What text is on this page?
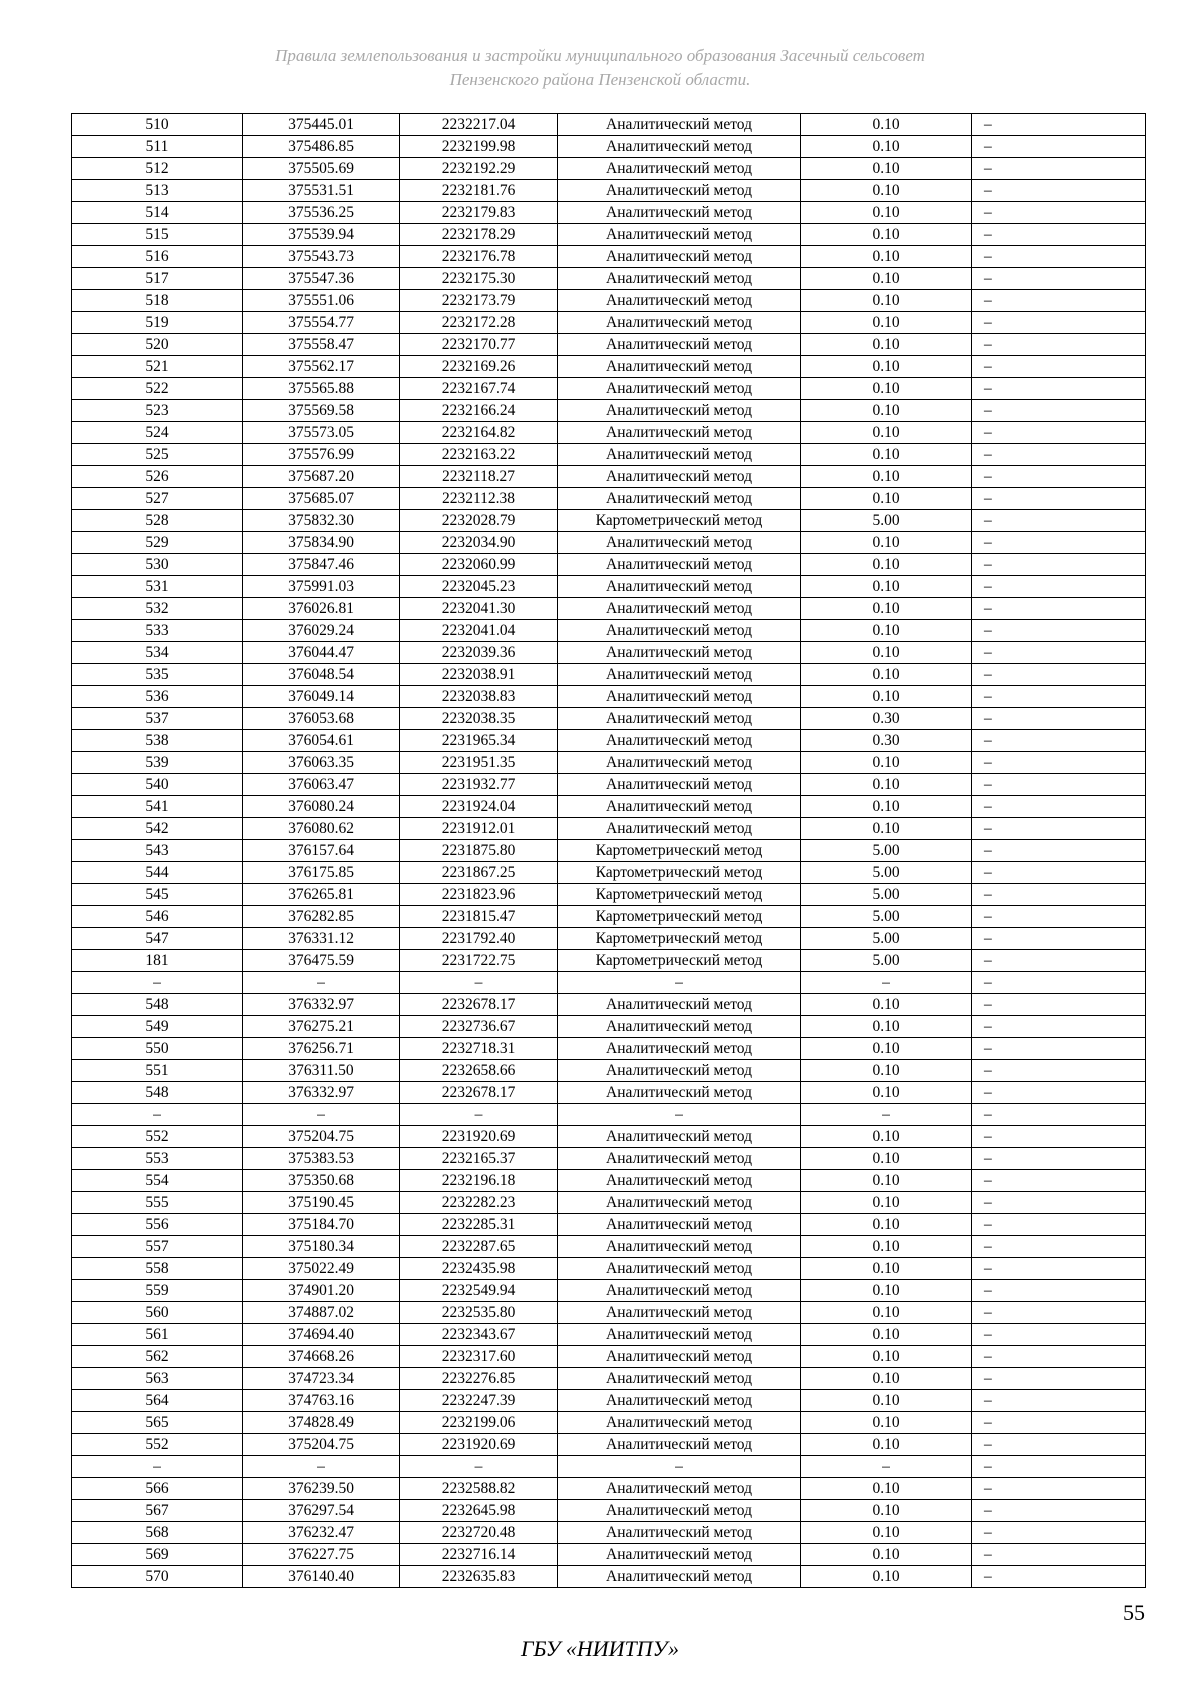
Правила землепользования и застройки муниципального образования Засечный сельсовет
Пензенского района Пензенской области.
510	375445.01	2232217.04	Аналитический метод	0.10	–
511	375486.85	2232199.98	Аналитический метод	0.10	–
512	375505.69	2232192.29	Аналитический метод	0.10	–
513	375531.51	2232181.76	Аналитический метод	0.10	–
514	375536.25	2232179.83	Аналитический метод	0.10	–
515	375539.94	2232178.29	Аналитический метод	0.10	–
516	375543.73	2232176.78	Аналитический метод	0.10	–
517	375547.36	2232175.30	Аналитический метод	0.10	–
518	375551.06	2232173.79	Аналитический метод	0.10	–
519	375554.77	2232172.28	Аналитический метод	0.10	–
520	375558.47	2232170.77	Аналитический метод	0.10	–
521	375562.17	2232169.26	Аналитический метод	0.10	–
522	375565.88	2232167.74	Аналитический метод	0.10	–
523	375569.58	2232166.24	Аналитический метод	0.10	–
524	375573.05	2232164.82	Аналитический метод	0.10	–
525	375576.99	2232163.22	Аналитический метод	0.10	–
526	375687.20	2232118.27	Аналитический метод	0.10	–
527	375685.07	2232112.38	Аналитический метод	0.10	–
528	375832.30	2232028.79	Картометрический метод	5.00	–
529	375834.90	2232034.90	Аналитический метод	0.10	–
530	375847.46	2232060.99	Аналитический метод	0.10	–
531	375991.03	2232045.23	Аналитический метод	0.10	–
532	376026.81	2232041.30	Аналитический метод	0.10	–
533	376029.24	2232041.04	Аналитический метод	0.10	–
534	376044.47	2232039.36	Аналитический метод	0.10	–
535	376048.54	2232038.91	Аналитический метод	0.10	–
536	376049.14	2232038.83	Аналитический метод	0.10	–
537	376053.68	2232038.35	Аналитический метод	0.30	–
538	376054.61	2231965.34	Аналитический метод	0.30	–
539	376063.35	2231951.35	Аналитический метод	0.10	–
540	376063.47	2231932.77	Аналитический метод	0.10	–
541	376080.24	2231924.04	Аналитический метод	0.10	–
542	376080.62	2231912.01	Аналитический метод	0.10	–
543	376157.64	2231875.80	Картометрический метод	5.00	–
544	376175.85	2231867.25	Картометрический метод	5.00	–
545	376265.81	2231823.96	Картометрический метод	5.00	–
546	376282.85	2231815.47	Картометрический метод	5.00	–
547	376331.12	2231792.40	Картометрический метод	5.00	–
181	376475.59	2231722.75	Картометрический метод	5.00	–
–	–	–	–	–	–
548	376332.97	2232678.17	Аналитический метод	0.10	–
549	376275.21	2232736.67	Аналитический метод	0.10	–
550	376256.71	2232718.31	Аналитический метод	0.10	–
551	376311.50	2232658.66	Аналитический метод	0.10	–
548	376332.97	2232678.17	Аналитический метод	0.10	–
–	–	–	–	–	–
552	375204.75	2231920.69	Аналитический метод	0.10	–
553	375383.53	2232165.37	Аналитический метод	0.10	–
554	375350.68	2232196.18	Аналитический метод	0.10	–
555	375190.45	2232282.23	Аналитический метод	0.10	–
556	375184.70	2232285.31	Аналитический метод	0.10	–
557	375180.34	2232287.65	Аналитический метод	0.10	–
558	375022.49	2232435.98	Аналитический метод	0.10	–
559	374901.20	2232549.94	Аналитический метод	0.10	–
560	374887.02	2232535.80	Аналитический метод	0.10	–
561	374694.40	2232343.67	Аналитический метод	0.10	–
562	374668.26	2232317.60	Аналитический метод	0.10	–
563	374723.34	2232276.85	Аналитический метод	0.10	–
564	374763.16	2232247.39	Аналитический метод	0.10	–
565	374828.49	2232199.06	Аналитический метод	0.10	–
552	375204.75	2231920.69	Аналитический метод	0.10	–
–	–	–	–	–	–
566	376239.50	2232588.82	Аналитический метод	0.10	–
567	376297.54	2232645.98	Аналитический метод	0.10	–
568	376232.47	2232720.48	Аналитический метод	0.10	–
569	376227.75	2232716.14	Аналитический метод	0.10	–
570	376140.40	2232635.83	Аналитический метод	0.10	–
55
ГБУ «НИИТПУ»
